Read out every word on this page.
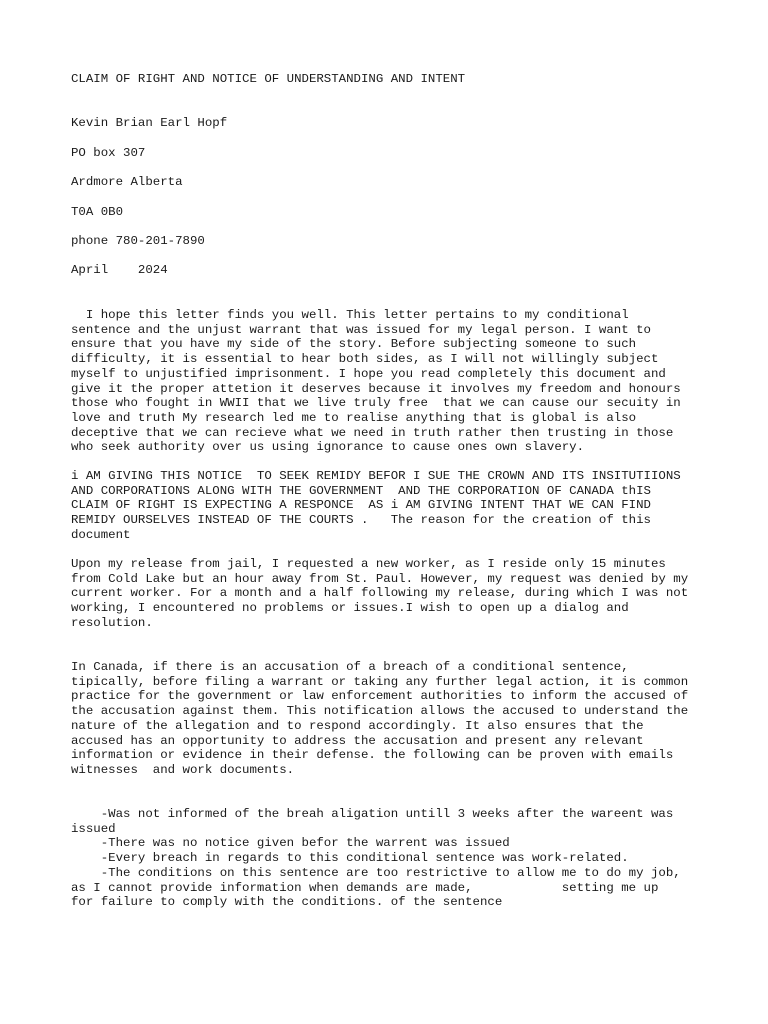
CLAIM OF RIGHT AND NOTICE OF UNDERSTANDING AND INTENT

Kevin Brian Earl Hopf

PO box 307

Ardmore Alberta

T0A 0B0

phone 780-201-7890

April    2024

I hope this letter finds you well. This letter pertains to my conditional

sentence and the unjust warrant that was issued for my legal person. I want to

ensure that you have my side of the story. Before subjecting someone to such

difficulty, it is essential to hear both sides, as I will not willingly subject

myself to unjustified imprisonment. I hope you read completely this document and

give it the proper attetion it deserves because it involves my freedom and honours

those who fought in WWII that we live truly free  that we can cause our secuity in

love and truth My research led me to realise anything that is global is also

deceptive that we can recieve what we need in truth rather then trusting in those

who seek authority over us using ignorance to cause ones own slavery.

i AM GIVING THIS NOTICE  TO SEEK REMIDY BEFOR I SUE THE CROWN AND ITS INSITUTIIONS

AND CORPORATIONS ALONG WITH THE GOVERNMENT  AND THE CORPORATION OF CANADA thIS

CLAIM OF RIGHT IS EXPECTING A RESPONCE  AS i AM GIVING INTENT THAT WE CAN FIND

REMIDY OURSELVES INSTEAD OF THE COURTS .   The reason for the creation of this

document

Upon my release from jail, I requested a new worker, as I reside only 15 minutes

from Cold Lake but an hour away from St. Paul. However, my request was denied by my

current worker. For a month and a half following my release, during which I was not

working, I encountered no problems or issues.I wish to open up a dialog and

resolution.

In Canada, if there is an accusation of a breach of a conditional sentence,

tipically, before filing a warrant or taking any further legal action, it is common

practice for the government or law enforcement authorities to inform the accused of

the accusation against them. This notification allows the accused to understand the

nature of the allegation and to respond accordingly. It also ensures that the

accused has an opportunity to address the accusation and present any relevant

information or evidence in their defense. the following can be proven with emails

witnesses  and work documents.

-Was not informed of the breah aligation untill 3 weeks after the wareent was

issued

-There was no notice given befor the warrent was issued

-Every breach in regards to this conditional sentence was work-related.

-The conditions on this sentence are too restrictive to allow me to do my job,

as I cannot provide information when demands are made,            setting me up

for failure to comply with the conditions. of the sentence
